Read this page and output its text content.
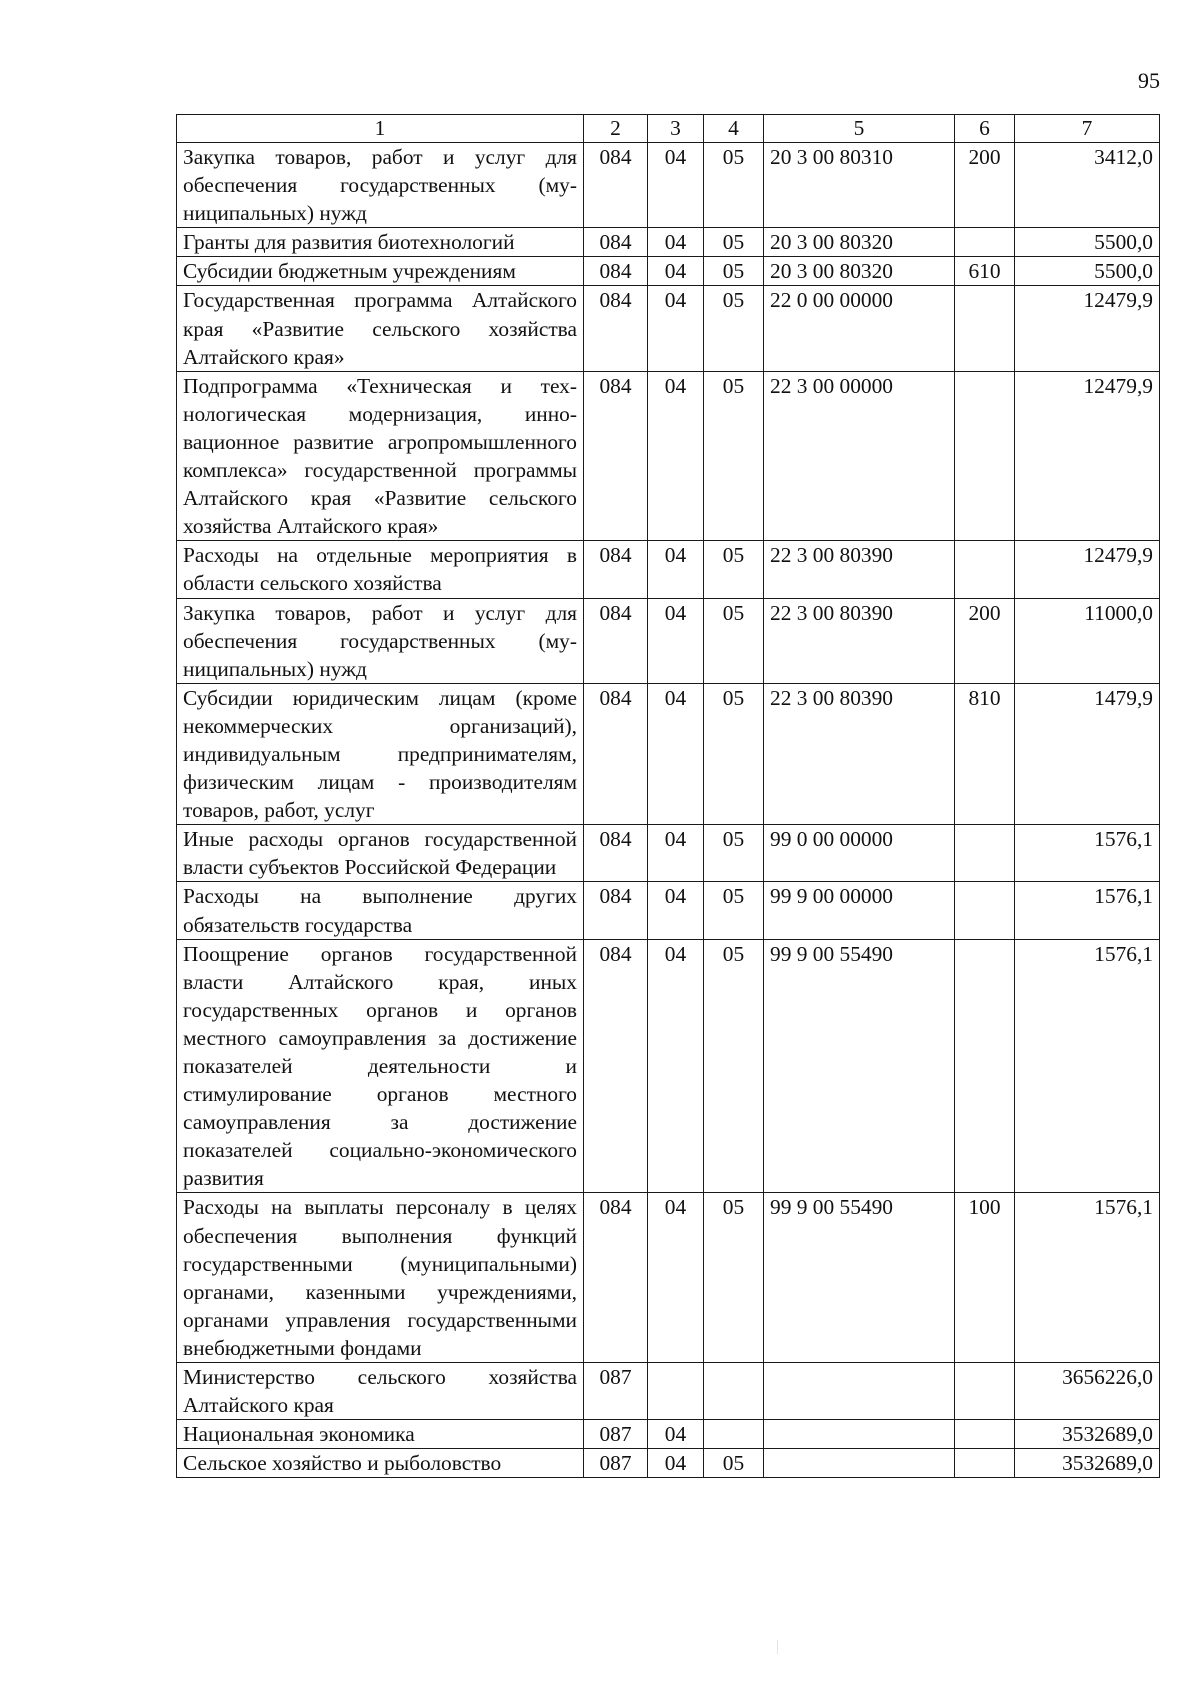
95
1	2	3	4	5	6	7
Закупка товаров, работ и услуг для обеспечения государственных (муниципальных) нужд	084	04	05	20 3 00 80310	200	3412,0
Гранты для развития биотехнологий	084	04	05	20 3 00 80320		5500,0
Субсидии бюджетным учреждениям	084	04	05	20 3 00 80320	610	5500,0
Государственная программа Алтайского края «Развитие сельского хозяйства Алтайского края»	084	04	05	22 0 00 00000		12479,9
Подпрограмма «Техническая и технологическая модернизация, инновационное развитие агропромышленного комплекса» государственной программы Алтайского края «Развитие сельского хозяйства Алтайского края»	084	04	05	22 3 00 00000		12479,9
Расходы на отдельные мероприятия в области сельского хозяйства	084	04	05	22 3 00 80390		12479,9
Закупка товаров, работ и услуг для обеспечения государственных (муниципальных) нужд	084	04	05	22 3 00 80390	200	11000,0
Субсидии юридическим лицам (кроме некоммерческих организаций), индивидуальным предпринимателям, физическим лицам - производителям товаров, работ, услуг	084	04	05	22 3 00 80390	810	1479,9
Иные расходы органов государственной власти субъектов Российской Федерации	084	04	05	99 0 00 00000		1576,1
Расходы на выполнение других обязательств государства	084	04	05	99 9 00 00000		1576,1
Поощрение органов государственной власти Алтайского края, иных государственных органов и органов местного самоуправления за достижение показателей деятельности и стимулирование органов местного самоуправления за достижение показателей социально-экономического развития	084	04	05	99 9 00 55490		1576,1
Расходы на выплаты персоналу в целях обеспечения выполнения функций государственными (муниципальными) органами, казенными учреждениями, органами управления государственными внебюджетными фондами	084	04	05	99 9 00 55490	100	1576,1
Министерство сельского хозяйства Алтайского края	087					3656226,0
Национальная экономика	087	04				3532689,0
Сельское хозяйство и рыболовство	087	04	05			3532689,0
